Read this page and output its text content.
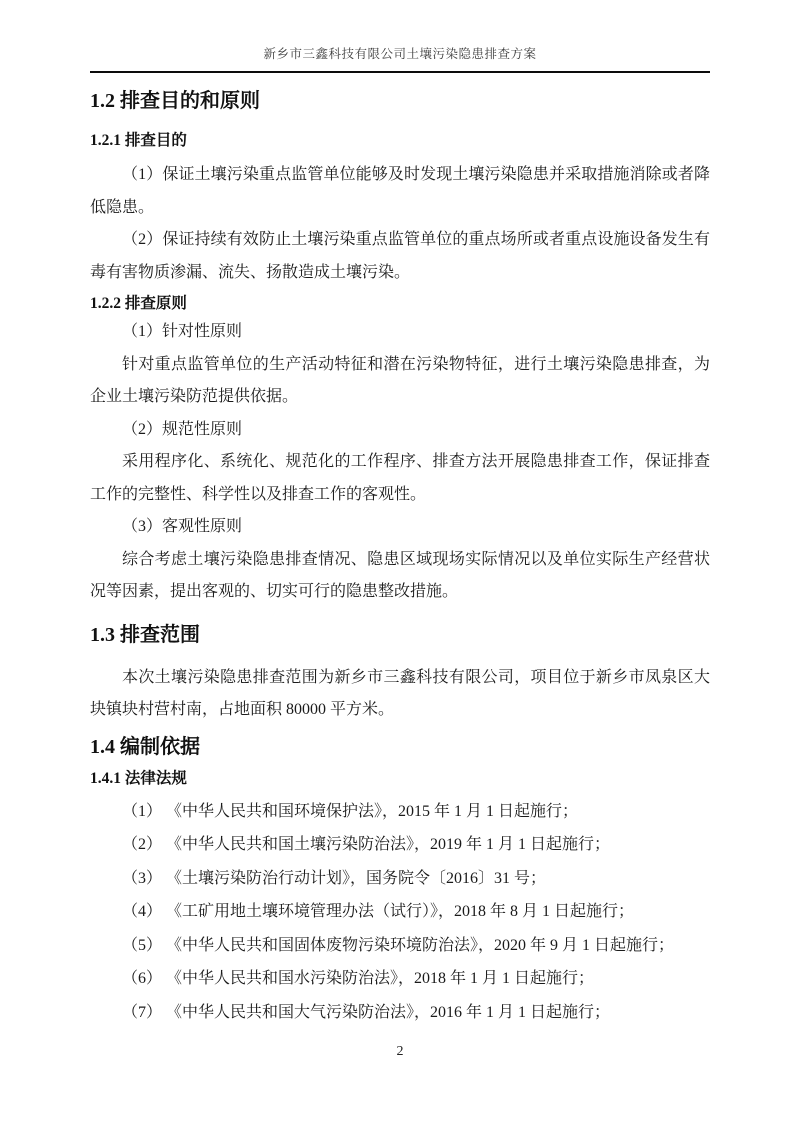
新乡市三鑫科技有限公司土壤污染隐患排查方案
1.2 排查目的和原则
1.2.1 排查目的

（1）保证土壤污染重点监管单位能够及时发现土壤污染隐患并采取措施消除或者降低隐患。

（2）保证持续有效防止土壤污染重点监管单位的重点场所或者重点设施设备发生有毒有害物质渗漏、流失、扬散造成土壤污染。

1.2.2 排查原则

（1）针对性原则

针对重点监管单位的生产活动特征和潜在污染物特征，进行土壤污染隐患排查，为企业土壤污染防范提供依据。

（2）规范性原则

采用程序化、系统化、规范化的工作程序、排查方法开展隐患排查工作，保证排查工作的完整性、科学性以及排查工作的客观性。

（3）客观性原则

综合考虑土壤污染隐患排查情况、隐患区域现场实际情况以及单位实际生产经营状况等因素，提出客观的、切实可行的隐患整改措施。

1.3 排查范围

本次土壤污染隐患排查范围为新乡市三鑫科技有限公司，项目位于新乡市凤泉区大块镇块村营村南，占地面积 80000 平方米。

1.4 编制依据
1.4.1 法律法规

（1） 《中华人民共和国环境保护法》，2015 年 1 月 1 日起施行；

（2） 《中华人民共和国土壤污染防治法》，2019 年 1 月 1 日起施行；

（3） 《土壤污染防治行动计划》，国务院令〔2016〕31 号；

（4） 《工矿用地土壤环境管理办法（试行）》，2018 年 8 月 1 日起施行；

（5） 《中华人民共和国固体废物污染环境防治法》，2020 年 9 月 1 日起施行；

（6） 《中华人民共和国水污染防治法》，2018 年 1 月 1 日起施行；

（7） 《中华人民共和国大气污染防治法》，2016 年 1 月 1 日起施行；

2
